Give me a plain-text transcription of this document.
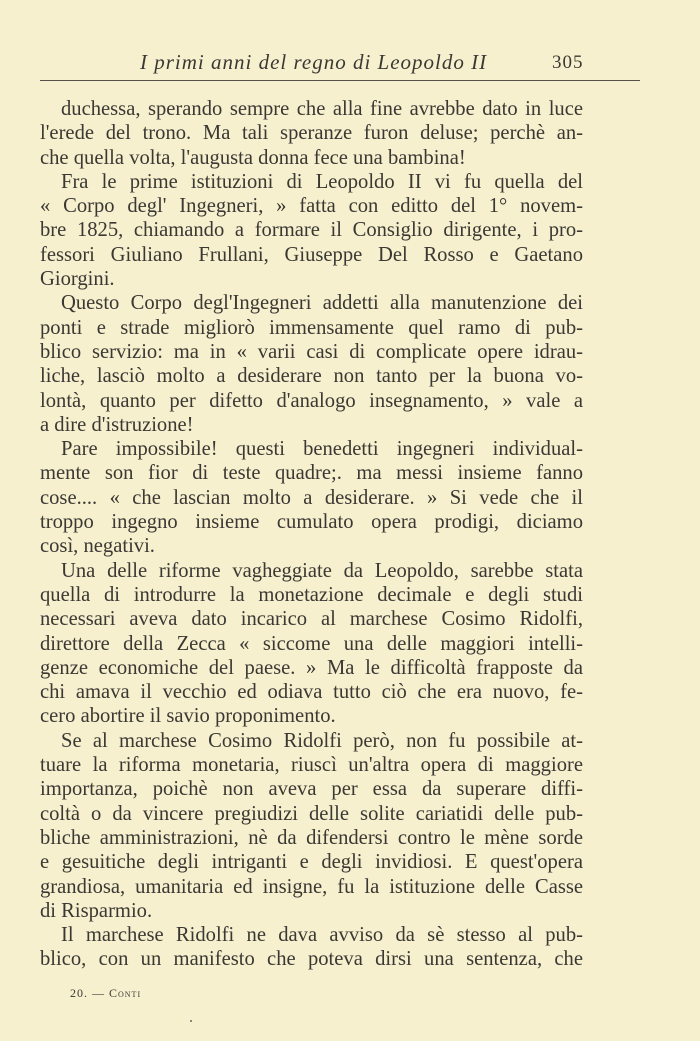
I primi anni del regno di Leopoldo II	305
duchessa, sperando sempre che alla fine avrebbe dato in luce
l'erede del trono. Ma tali speranze furon deluse; perchè an-
che quella volta, l'augusta donna fece una bambina!
Fra le prime istituzioni di Leopoldo II vi fu quella del
« Corpo degl' Ingegneri, » fatta con editto del 1° novem-
bre 1825, chiamando a formare il Consiglio dirigente, i pro-
fessori Giuliano Frullani, Giuseppe Del Rosso e Gaetano
Giorgini.
Questo Corpo degl'Ingegneri addetti alla manutenzione dei
ponti e strade migliorò immensamente quel ramo di pub-
blico servizio: ma in « varii casi di complicate opere idrau-
liche, lasciò molto a desiderare non tanto per la buona vo-
lontà, quanto per difetto d'analogo insegnamento, » vale a
a dire d'istruzione!
Pare impossibile! questi benedetti ingegneri individual-
mente son fior di teste quadre;. ma messi insieme fanno
cose.... « che lascian molto a desiderare. » Si vede che il
troppo ingegno insieme cumulato opera prodigi, diciamo
così, negativi.
Una delle riforme vagheggiate da Leopoldo, sarebbe stata
quella di introdurre la monetazione decimale e degli studi
necessari aveva dato incarico al marchese Cosimo Ridolfi,
direttore della Zecca « siccome una delle maggiori intelli-
genze economiche del paese. » Ma le difficoltà frapposte da
chi amava il vecchio ed odiava tutto ciò che era nuovo, fe-
cero abortire il savio proponimento.
Se al marchese Cosimo Ridolfi però, non fu possibile at-
tuare la riforma monetaria, riuscì un'altra opera di maggiore
importanza, poichè non aveva per essa da superare diffi-
coltà o da vincere pregiudizi delle solite cariatidi delle pub-
bliche amministrazioni, nè da difendersi contro le mène sorde
e gesuitiche degli intriganti e degli invidiosi. E quest'opera
grandiosa, umanitaria ed insigne, fu la istituzione delle Casse
di Risparmio.
Il marchese Ridolfi ne dava avviso da sè stesso al pub-
blico, con un manifesto che poteva dirsi una sentenza, che
20. — Conti
